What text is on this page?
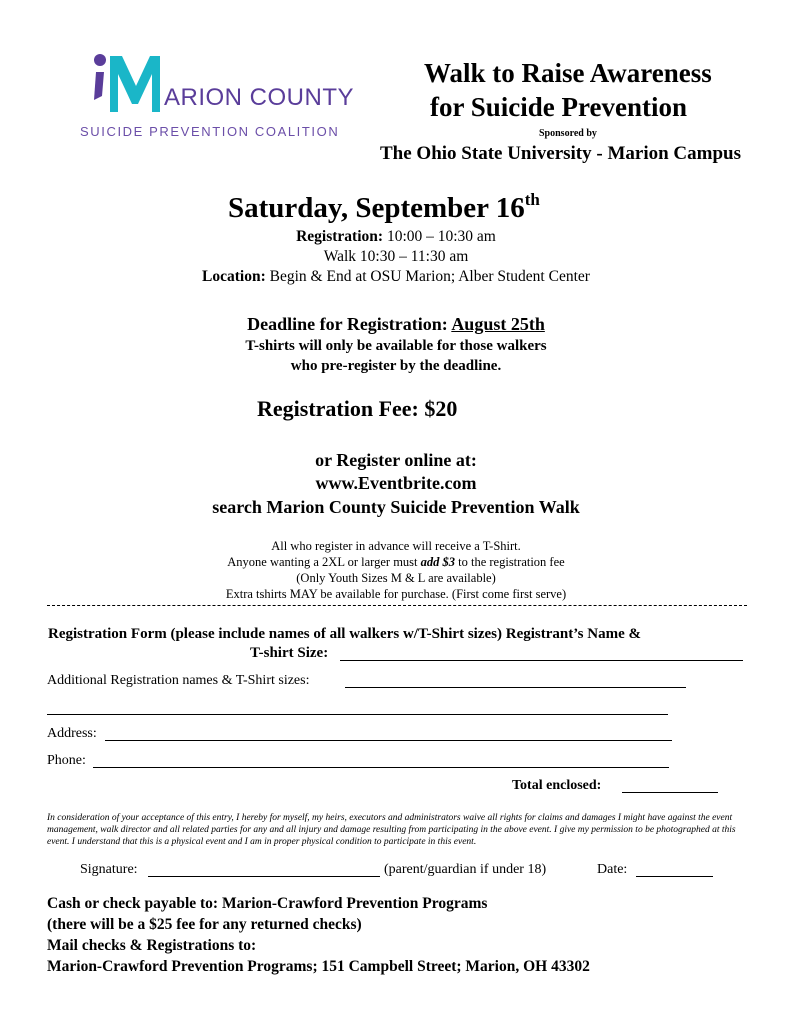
ARION COUNTY
SUICIDE PREVENTION COALITION
Walk to Raise Awareness
for Suicide Prevention
Sponsored by
The Ohio State University - Marion Campus
Saturday, September 16th
Registration: 10:00 – 10:30 am
Walk 10:30 – 11:30 am
Location: Begin & End at OSU Marion; Alber Student Center
Deadline for Registration: August 25th
T-shirts will only be available for those walkers
who pre-register by the deadline.
Registration Fee: $20
or Register online at:
www.Eventbrite.com
search Marion County Suicide Prevention Walk
All who register in advance will receive a T-Shirt.
Anyone wanting a 2XL or larger must add $3 to the registration fee
(Only Youth Sizes M & L are available)
Extra tshirts MAY be available for purchase. (First come first serve)
Registration Form (please include names of all walkers w/T-Shirt sizes) Registrant’s Name &
T-shirt Size:
Additional Registration names & T-Shirt sizes:
Address:
Phone:
Total enclosed:
In consideration of your acceptance of this entry, I hereby for myself, my heirs, executors and administrators waive all rights for claims and damages I might have against the event management, walk director and all related parties for any and all injury and damage resulting from participating in the above event. I give my permission to be photographed at this event. I understand that this is a physical event and I am in proper physical condition to participate in this event.
Signature:	(parent/guardian if under 18)	Date:
Cash or check payable to: Marion-Crawford Prevention Programs
(there will be a $25 fee for any returned checks)
Mail checks & Registrations to:
Marion-Crawford Prevention Programs; 151 Campbell Street; Marion, OH 43302
